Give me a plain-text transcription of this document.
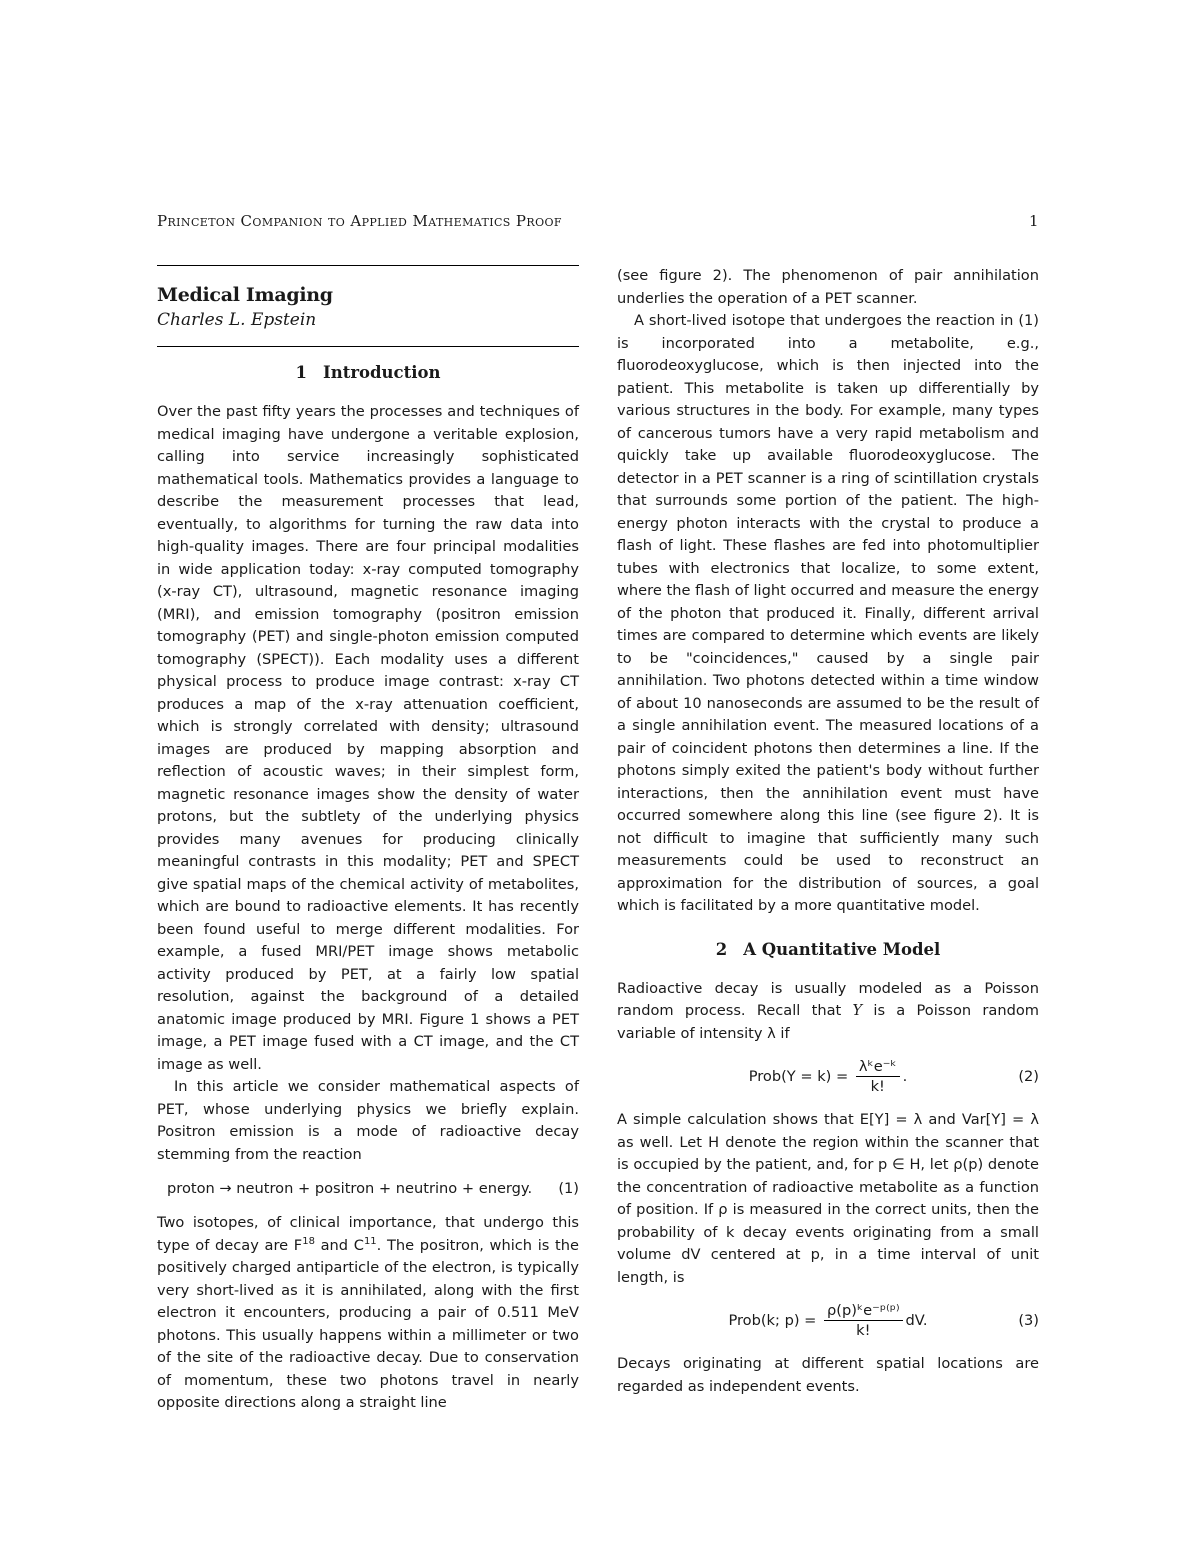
Princeton Companion to Applied Mathematics Proof	1
Medical Imaging
Charles L. Epstein
1 Introduction

Over the past fifty years the processes and techniques of medical imaging have undergone a veritable explosion, calling into service increasingly sophisticated mathematical tools. Mathematics provides a language to describe the measurement processes that lead, eventually, to algorithms for turning the raw data into high-quality images. There are four principal modalities in wide application today: x-ray computed tomography (x-ray CT), ultrasound, magnetic resonance imaging (MRI), and emission tomography (positron emission tomography (PET) and single-photon emission computed tomography (SPECT)). Each modality uses a different physical process to produce image contrast: x-ray CT produces a map of the x-ray attenuation coefficient, which is strongly correlated with density; ultrasound images are produced by mapping absorption and reflection of acoustic waves; in their simplest form, magnetic resonance images show the density of water protons, but the subtlety of the underlying physics provides many avenues for producing clinically meaningful contrasts in this modality; PET and SPECT give spatial maps of the chemical activity of metabolites, which are bound to radioactive elements. It has recently been found useful to merge different modalities. For example, a fused MRI/PET image shows metabolic activity produced by PET, at a fairly low spatial resolution, against the background of a detailed anatomic image produced by MRI. Figure 1 shows a PET image, a PET image fused with a CT image, and the CT image as well.

In this article we consider mathematical aspects of PET, whose underlying physics we briefly explain. Positron emission is a mode of radioactive decay stemming from the reaction

proton → neutron + positron + neutrino + energy. (1)

Two isotopes, of clinical importance, that undergo this type of decay are $F^{18}$ and $C^{11}$. The positron, which is the positively charged antiparticle of the electron, is typically very short-lived as it is annihilated, along with the first electron it encounters, producing a pair of 0.511 MeV photons. This usually happens within a millimeter or two of the site of the radioactive decay. Due to conservation of momentum, these two photons travel in nearly opposite directions along a straight line

(see figure 2). The phenomenon of pair annihilation underlies the operation of a PET scanner.

A short-lived isotope that undergoes the reaction in (1) is incorporated into a metabolite, e.g., fluorodeoxyglucose, which is then injected into the patient. This metabolite is taken up differentially by various structures in the body. For example, many types of cancerous tumors have a very rapid metabolism and quickly take up available fluorodeoxyglucose. The detector in a PET scanner is a ring of scintillation crystals that surrounds some portion of the patient. The high-energy photon interacts with the crystal to produce a flash of light. These flashes are fed into photomultiplier tubes with electronics that localize, to some extent, where the flash of light occurred and measure the energy of the photon that produced it. Finally, different arrival times are compared to determine which events are likely to be "coincidences," caused by a single pair annihilation. Two photons detected within a time window of about 10 nanoseconds are assumed to be the result of a single annihilation event. The measured locations of a pair of coincident photons then determines a line. If the photons simply exited the patient's body without further interactions, then the annihilation event must have occurred somewhere along this line (see figure 2). It is not difficult to imagine that sufficiently many such measurements could be used to reconstruct an approximation for the distribution of sources, a goal which is facilitated by a more quantitative model.

2 A Quantitative Model

Radioactive decay is usually modeled as a Poisson random process. Recall that Y is a Poisson random variable of intensity λ if

Prob(Y = $k) = \frac{\text{λᵏe⁻ᵏ}}{k!}$ .	(2)

A simple calculation shows that E[Y] = λ and Var[Y] = λ as well. Let H denote the region within the scanner that is occupied by the patient, and, for p ∈ H, let ρ(p) denote the concentration of radioactive metabolite as a function of position. If ρ is measured in the correct units, then the probability of k decay events originating from a small volume dV centered at p, in a time interval of unit length, is

Prob(k; $p) = \frac{\text{ρ(p)ᵏe⁻ᵖ⁽ᵖ⁾}}{k!}$ dV.	(3)

Decays originating at different spatial locations are regarded as independent events.
